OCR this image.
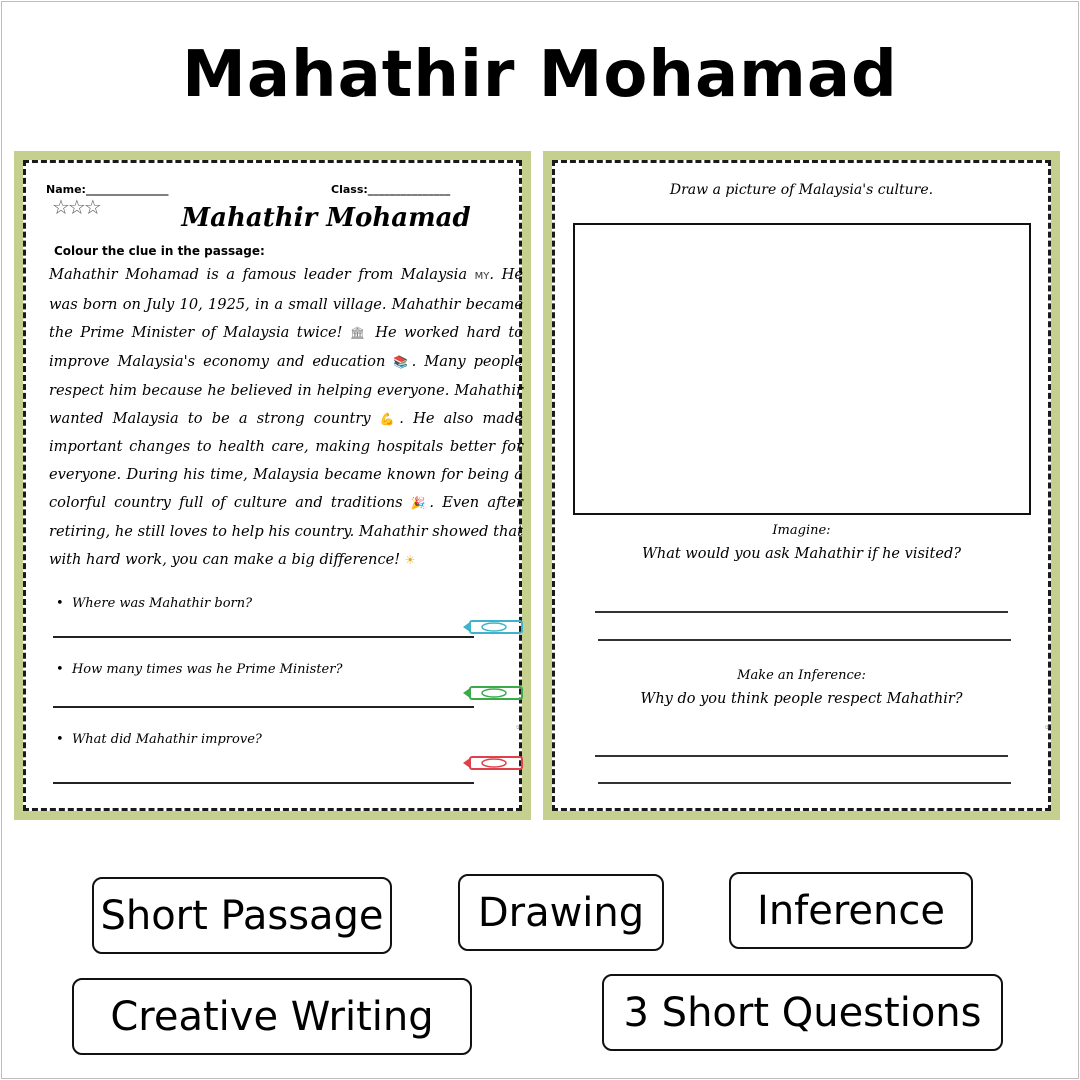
Mahathir Mohamad
Name:_______________	Class:_______________
☆☆☆	Mahathir Mohamad
Colour the clue in the passage:
Mahathir Mohamad is a famous leader from Malaysia MY. He was born on July 10, 1925, in a small village. Mahathir became the Prime Minister of Malaysia twice! 🏛 He worked hard to improve Malaysia's economy and education 📚. Many people respect him because he believed in helping everyone. Mahathir wanted Malaysia to be a strong country 💪. He also made important changes to health care, making hospitals better for everyone. During his time, Malaysia became known for being a colorful country full of culture and traditions 🎉. Even after retiring, he still loves to help his country. Mahathir showed that with hard work, you can make a big difference! ☀
• Where was Mahathir born?
• How many times was he Prime Minister?
• What did Mahathir improve?
©
Draw a picture of Malaysia's culture.
Imagine:
What would you ask Mahathir if he visited?
Make an Inference:
Why do you think people respect Mahathir?
©
Short Passage	Drawing	Inference
Creative Writing	3 Short Questions
